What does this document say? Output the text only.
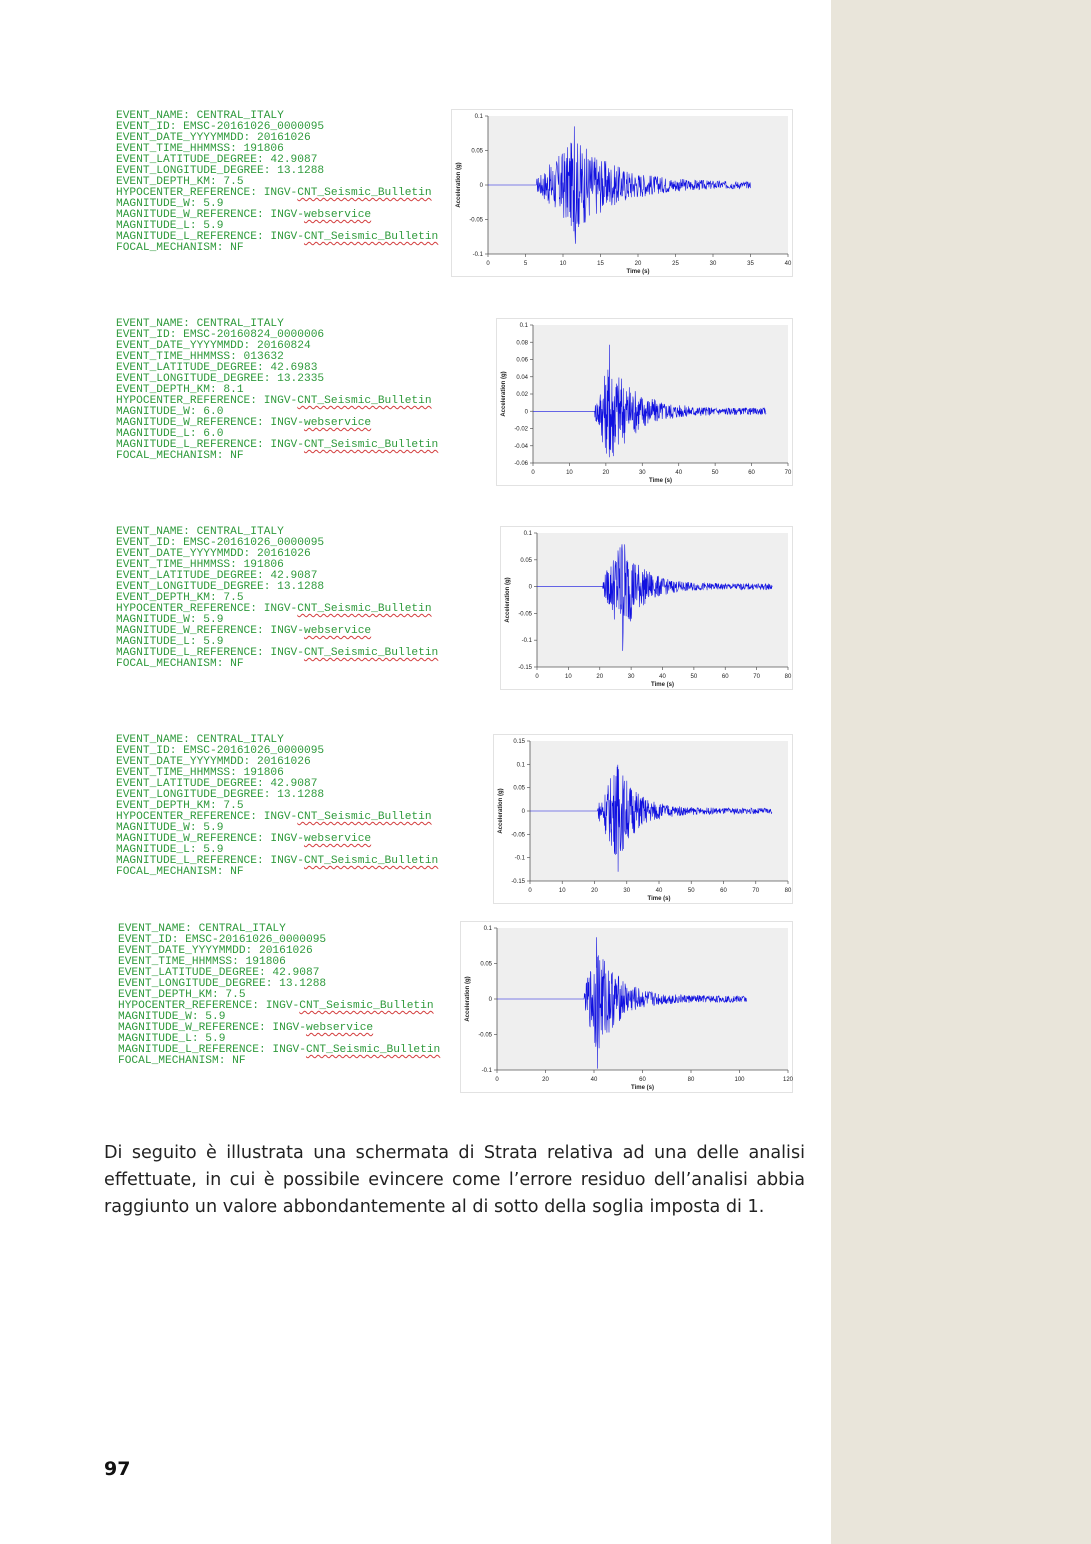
EVENT_NAME: CENTRAL_ITALY
EVENT_ID: EMSC-20161026_0000095
EVENT_DATE_YYYYMMDD: 20161026
EVENT_TIME_HHMMSS: 191806
EVENT_LATITUDE_DEGREE: 42.9087
EVENT_LONGITUDE_DEGREE: 13.1288
EVENT_DEPTH_KM: 7.5
HYPOCENTER_REFERENCE: INGV-CNT_Seismic_Bulletin
MAGNITUDE_W: 5.9
MAGNITUDE_W_REFERENCE: INGV-webservice
MAGNITUDE_L: 5.9
MAGNITUDE_L_REFERENCE: INGV-CNT_Seismic_Bulletin
FOCAL_MECHANISM: NF
EVENT_NAME: CENTRAL_ITALY
EVENT_ID: EMSC-20160824_0000006
EVENT_DATE_YYYYMMDD: 20160824
EVENT_TIME_HHMMSS: 013632
EVENT_LATITUDE_DEGREE: 42.6983
EVENT_LONGITUDE_DEGREE: 13.2335
EVENT_DEPTH_KM: 8.1
HYPOCENTER_REFERENCE: INGV-CNT_Seismic_Bulletin
MAGNITUDE_W: 6.0
MAGNITUDE_W_REFERENCE: INGV-webservice
MAGNITUDE_L: 6.0
MAGNITUDE_L_REFERENCE: INGV-CNT_Seismic_Bulletin
FOCAL_MECHANISM: NF
EVENT_NAME: CENTRAL_ITALY
EVENT_ID: EMSC-20161026_0000095
EVENT_DATE_YYYYMMDD: 20161026
EVENT_TIME_HHMMSS: 191806
EVENT_LATITUDE_DEGREE: 42.9087
EVENT_LONGITUDE_DEGREE: 13.1288
EVENT_DEPTH_KM: 7.5
HYPOCENTER_REFERENCE: INGV-CNT_Seismic_Bulletin
MAGNITUDE_W: 5.9
MAGNITUDE_W_REFERENCE: INGV-webservice
MAGNITUDE_L: 5.9
MAGNITUDE_L_REFERENCE: INGV-CNT_Seismic_Bulletin
FOCAL_MECHANISM: NF
EVENT_NAME: CENTRAL_ITALY
EVENT_ID: EMSC-20161026_0000095
EVENT_DATE_YYYYMMDD: 20161026
EVENT_TIME_HHMMSS: 191806
EVENT_LATITUDE_DEGREE: 42.9087
EVENT_LONGITUDE_DEGREE: 13.1288
EVENT_DEPTH_KM: 7.5
HYPOCENTER_REFERENCE: INGV-CNT_Seismic_Bulletin
MAGNITUDE_W: 5.9
MAGNITUDE_W_REFERENCE: INGV-webservice
MAGNITUDE_L: 5.9
MAGNITUDE_L_REFERENCE: INGV-CNT_Seismic_Bulletin
FOCAL_MECHANISM: NF
EVENT_NAME: CENTRAL_ITALY
EVENT_ID: EMSC-20161026_0000095
EVENT_DATE_YYYYMMDD: 20161026
EVENT_TIME_HHMMSS: 191806
EVENT_LATITUDE_DEGREE: 42.9087
EVENT_LONGITUDE_DEGREE: 13.1288
EVENT_DEPTH_KM: 7.5
HYPOCENTER_REFERENCE: INGV-CNT_Seismic_Bulletin
MAGNITUDE_W: 5.9
MAGNITUDE_W_REFERENCE: INGV-webservice
MAGNITUDE_L: 5.9
MAGNITUDE_L_REFERENCE: INGV-CNT_Seismic_Bulletin
FOCAL_MECHANISM: NF
0	5	10	15	20	25	30	35	40
0.1
0.05
0
-0.05
-0.1
Time (s)
Acceleration (g)
0	10	20	30	40	50	60	70
0.1
0.08
0.06
0.04
0.02
0
-0.02
-0.04
-0.06
Time (s)
Acceleration (g)
0	10	20	30	40	50	60	70	80
0.1
0.05
0
-0.05
-0.1
-0.15
Time (s)
Acceleration (g)
0	10	20	30	40	50	60	70	80
0.15
0.1
0.05
0
-0.05
-0.1
-0.15
Time (s)
Acceleration (g)
0	20	40	60	80	100	120
0.1
0.05
0
-0.05
-0.1
Time (s)
Acceleration (g)

Di seguito è illustrata una schermata di Strata relativa ad una delle analisi effettuate, in cui è possibile evincere come l’errore residuo dell’analisi abbia raggiunto un valore abbondantemente al di sotto della soglia imposta di 1.

97
